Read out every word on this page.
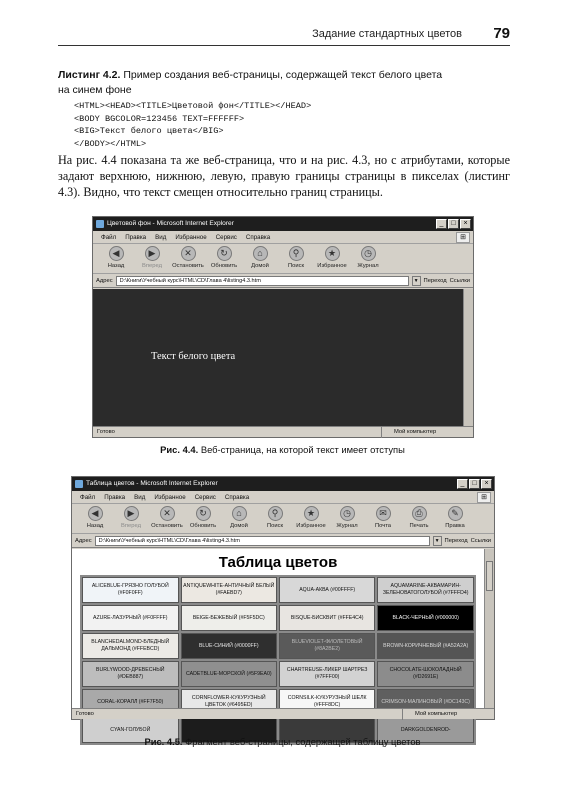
Задание стандартных цветов 79
Листинг 4.2. Пример создания веб-страницы, содержащей текст белого цвета
на синем фоне
<HTML><HEAD><TITLE>Цветовой фон</TITLE></HEAD>
<BODY BGCOLOR=123456 TEXT=FFFFFF>
<BIG>Текст белого цвета</BIG>
</BODY></HTML>

На рис. 4.4 показана та же веб-страница, что и на рис. 4.3, но с атрибутами, которые задают верхнюю, нижнюю, левую, правую границы страницы в пикселах (листинг 4.3). Видно, что текст смещен относительно границ страницы.

Цветовой фон - Microsoft Internet Explorer	_	□	×
Файл Правка Вид Избранное Сервис Справка	⊞
◀
Назад
▶
Вперед
✕
Остановить
↻
Обновить
⌂
Домой
⚲
Поиск
★
Избранное
◷
Журнал
Адрес	D:\Книги\Учебный курс\HTML\CD\Глава 4\listing4.3.htm	▼ Переход Ссылки
Текст белого цвета
Готово	Мой компьютер
Рис. 4.4. Веб-страница, на которой текст имеет отступы
Таблица цветов - Microsoft Internet Explorer	_	□	×
Файл Правка Вид Избранное Сервис Справка	⊞
◀
Назад
▶
Вперед
✕
Остановить
↻
Обновить
⌂
Домой
⚲
Поиск
★
Избранное
◷
Журнал
✉
Почта
⎙
Печать
✎
Правка
Адрес	D:\Книги\Учебный курс\HTML\CD\Глава 4\listing4.3.htm	▼ Переход Ссылки
Таблица цветов
ALICEBLUE-ГРЯЗНО ГОЛУБОЙ (#F0F0FF)	ANTIQUEWHITE-АНТИЧНЫЙ БЕЛЫЙ (#FAEBD7)	AQUA-АКВА (#00FFFF)	AQUAMARINE-АКВАМАРИН-ЗЕЛЕНОВАТОГОЛУБОЙ (#7FFFD4)
AZURE-ЛАЗУРНЫЙ (#F0FFFF)	BEIGE-БЕЖЕВЫЙ (#F5F5DC)	BISQUE-БИСКВИТ (#FFE4C4)	BLACK-ЧЕРНЫЙ (#000000)
BLANCHEDALMOND-БЛЕДНЫЙ ДАЛЬМОНД (#FFEBCD)	BLUE-СИНИЙ (#0000FF)	BLUEVIOLET-ФИОЛЕТОВЫЙ (#8A2BE2)	BROWN-КОРИЧНЕВЫЙ (#A52A2A)
BURLYWOOD-ДРЕВЕСНЫЙ (#DEB887)	CADETBLUE-МОРСКОЙ (#5F9EA0)	CHARTREUSE-ЛИКЕР ШАРТРЕЗ (#7FFF00)	CHOCOLATE-ШОКОЛАДНЫЙ (#D2691E)
CORAL-КОРАЛЛ (#FF7F50)	CORNFLOWER-КУКУРУЗНЫЙ ЦВЕТОК (#6495ED)	CORNSILK-КУКУРУЗНЫЙ ШЕЛК (#FFF8DC)	CRIMSON-МАЛИНОВЫЙ (#DC143C)
CYAN-ГОЛУБОЙ			DARKGOLDENROD-
Готово	Мой компьютер
Рис. 4.5. Фрагмент веб-страницы, содержащей таблицу цветов
